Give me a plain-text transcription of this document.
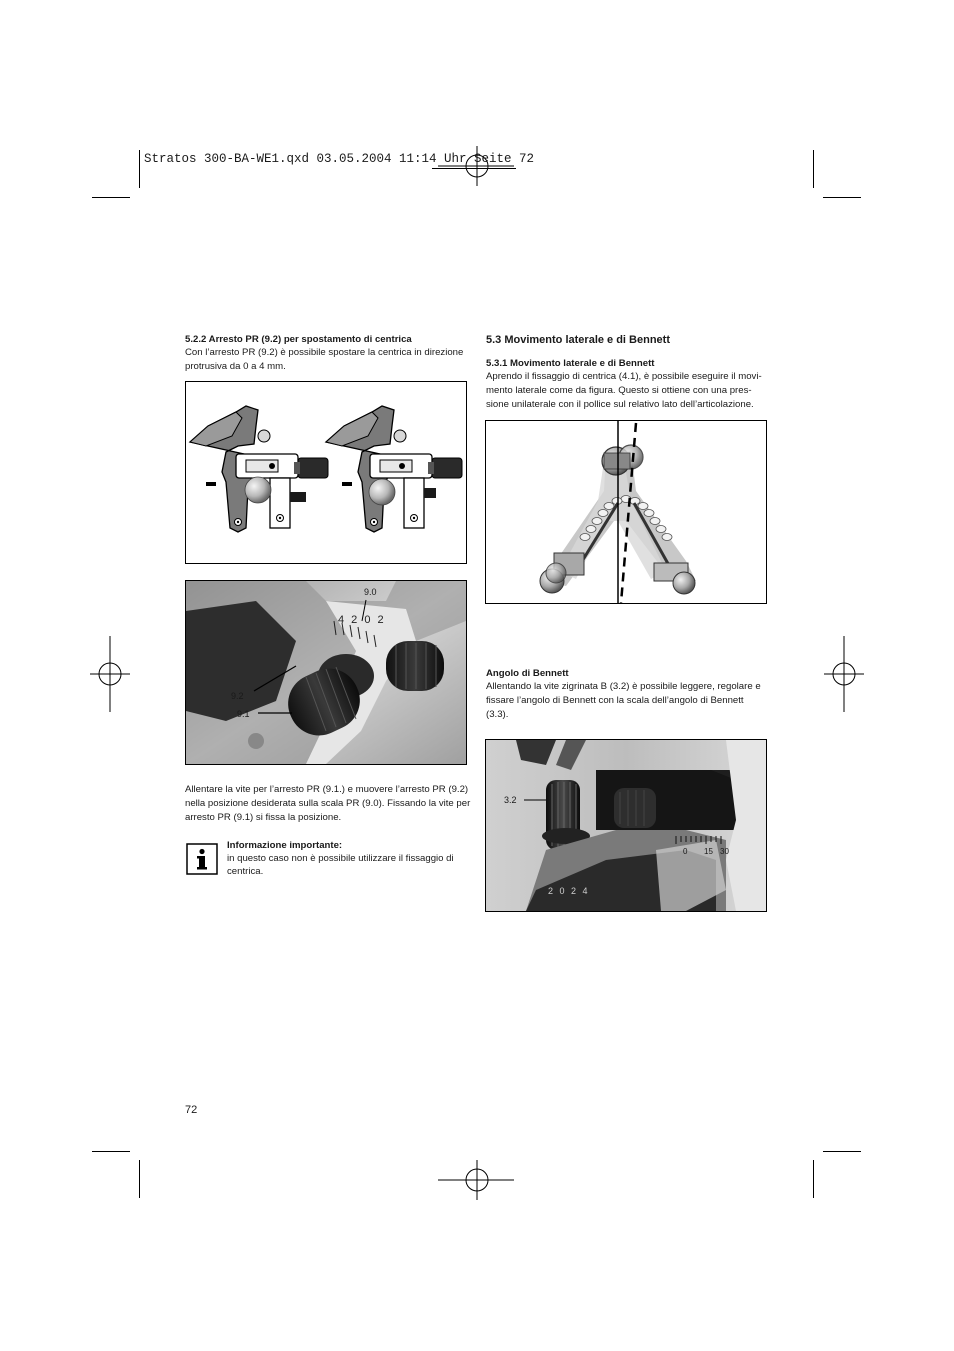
Stratos 300-BA-WE1.qxd 03.05.2004 11:14 Uhr Seite 72
5.2.2 Arresto PR (9.2) per spostamento di centrica
Con l’arresto PR (9.2) è possibile spostare la centrica in direzione
protrusiva da 0 a 4 mm.
9.0
4 2 0 2
9.2
9.1
Allentare la vite per l’arresto PR (9.1.) e muovere l’arresto PR (9.2)
nella posizione desiderata sulla scala PR (9.0). Fissando la vite per
arresto PR (9.1) si fissa la posizione.
Informazione importante:
in questo caso non è possibile utilizzare il fissaggio di
centrica.
5.3 Movimento laterale e di Bennett
5.3.1 Movimento laterale e di Bennett
Aprendo il fissaggio di centrica (4.1), è possibile eseguire il movi-
mento laterale come da figura. Questo si ottiene con una pres-
sione unilaterale con il pollice sul relativo lato dell’articolazione.
Angolo di Bennett
Allentando la vite zigrinata B (3.2) è possibile leggere, regolare e
fissare l’angolo di Bennett con la scala dell’angolo di Bennett
(3.3).
3.2
0 15 30
2 0 2 4
72
